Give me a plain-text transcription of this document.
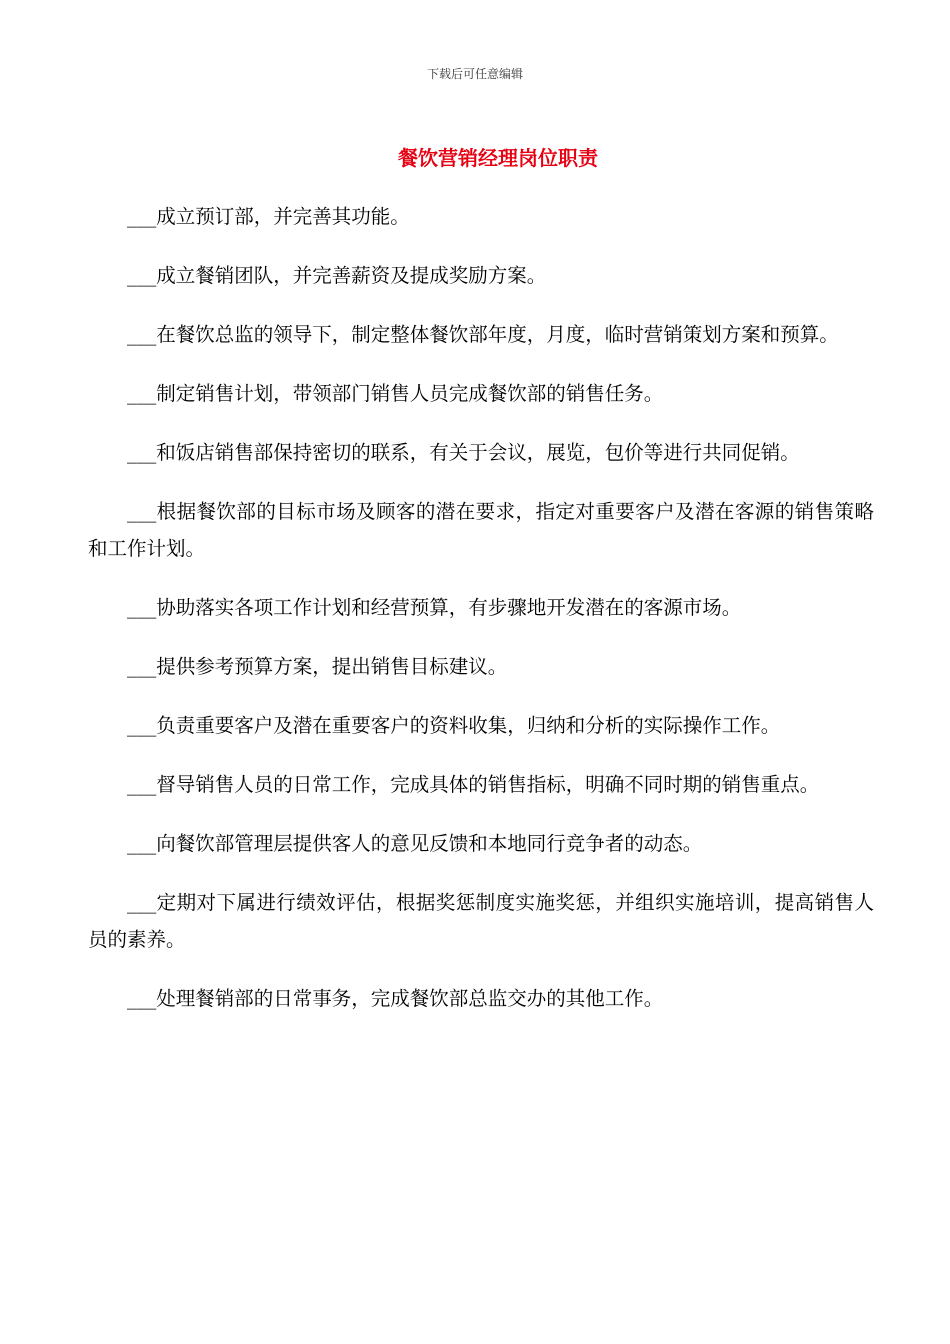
下载后可任意编辑
餐饮营销经理岗位职责

___成立预订部，并完善其功能。

___成立餐销团队，并完善薪资及提成奖励方案。

___在餐饮总监的领导下，制定整体餐饮部年度，月度，临时营销策划方案和预算。

___制定销售计划，带领部门销售人员完成餐饮部的销售任务。

___和饭店销售部保持密切的联系，有关于会议，展览，包价等进行共同促销。

___根据餐饮部的目标市场及顾客的潜在要求，指定对重要客户及潜在客源的销售策略和工作计划。

___协助落实各项工作计划和经营预算，有步骤地开发潜在的客源市场。

___提供参考预算方案，提出销售目标建议。

___负责重要客户及潜在重要客户的资料收集，归纳和分析的实际操作工作。

___督导销售人员的日常工作，完成具体的销售指标，明确不同时期的销售重点。

___向餐饮部管理层提供客人的意见反馈和本地同行竞争者的动态。

___定期对下属进行绩效评估，根据奖惩制度实施奖惩，并组织实施培训，提高销售人员的素养。

___处理餐销部的日常事务，完成餐饮部总监交办的其他工作。
